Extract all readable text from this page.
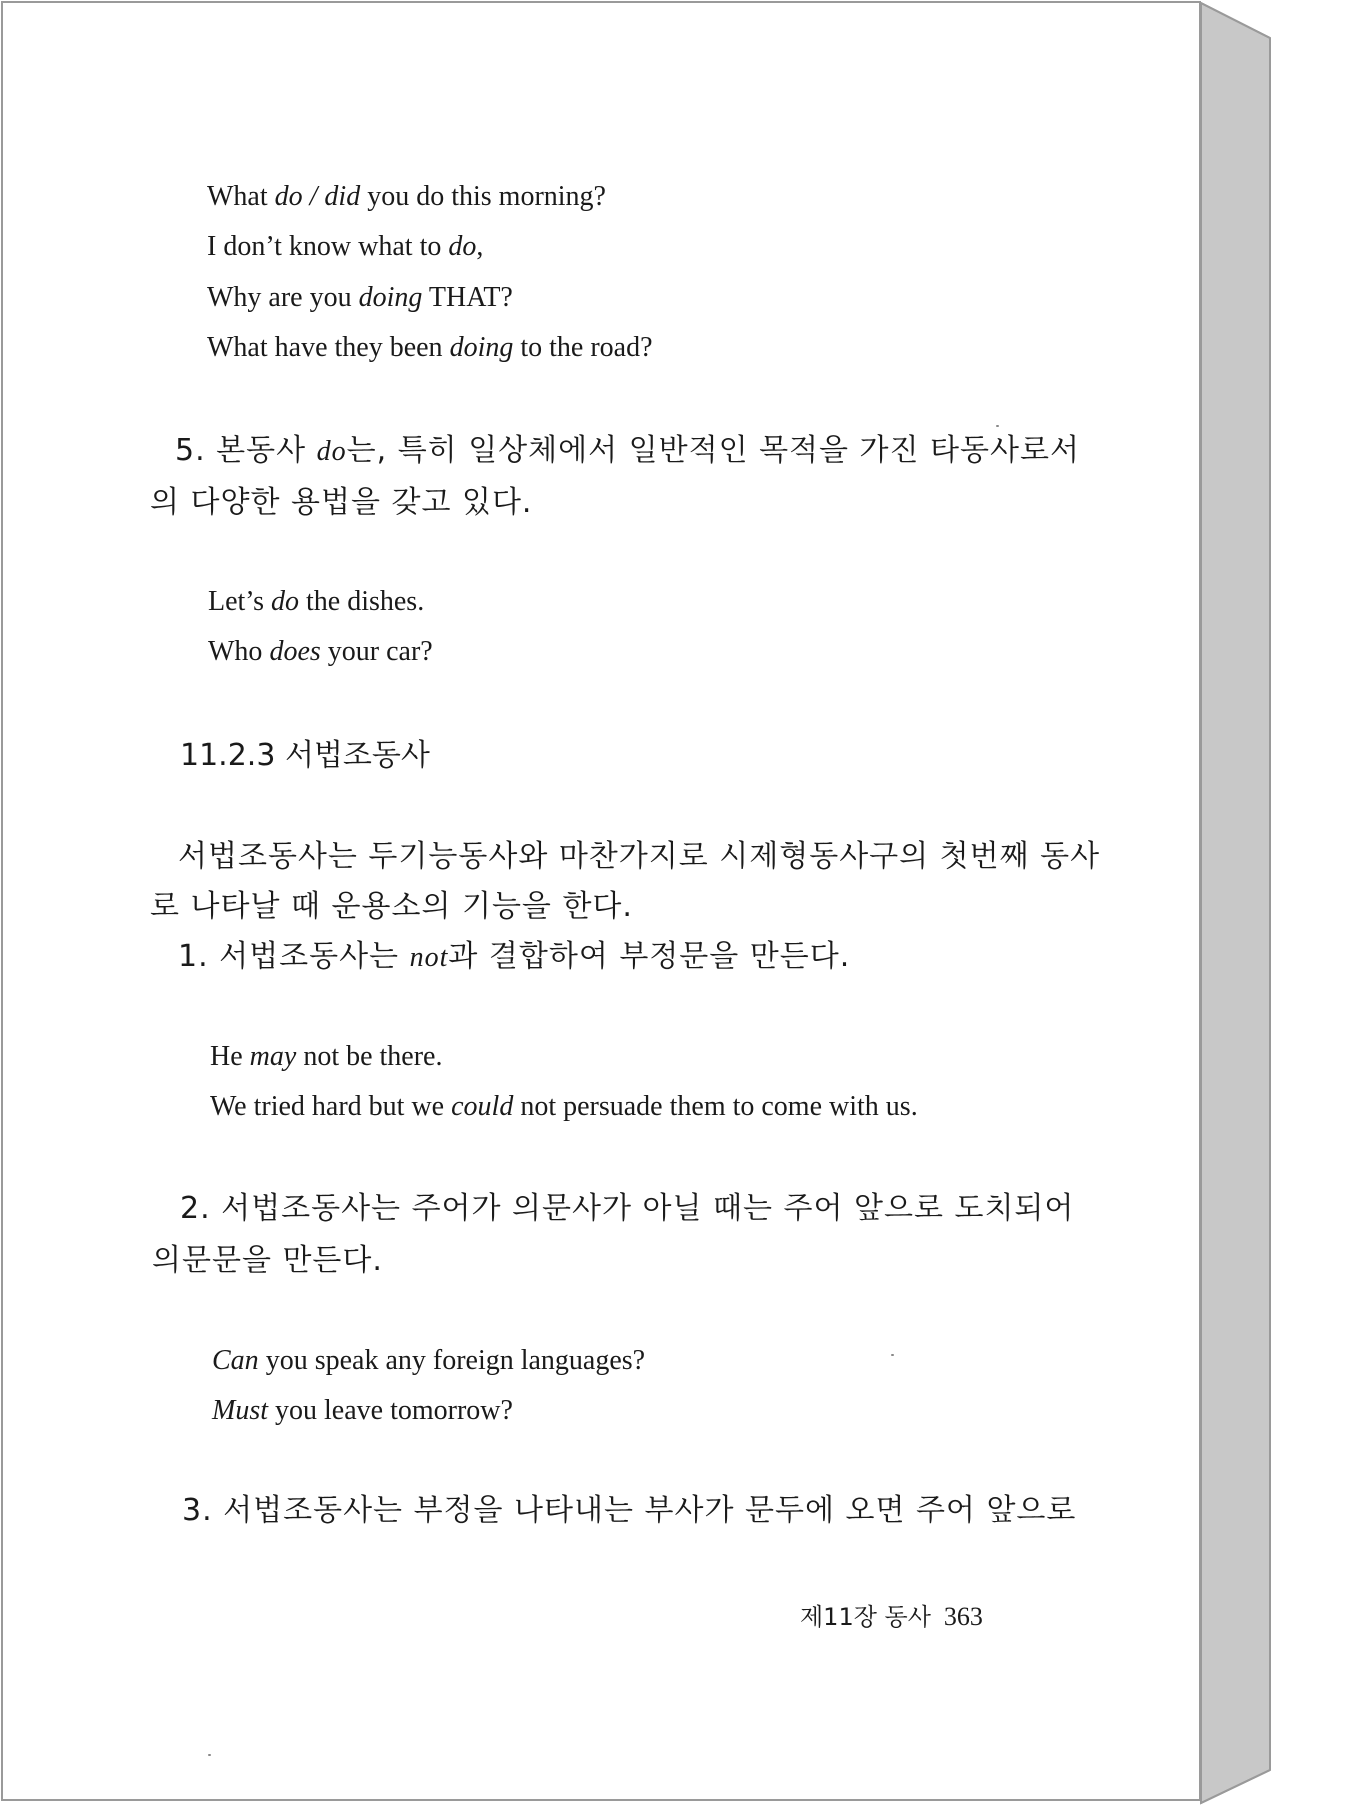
What do / did you do this morning?
I don’t know what to do,
Why are you doing THAT?
What have they been doing to the road?
5. 본동사 do는, 특히 일상체에서 일반적인 목적을 가진 타동사로서
의 다양한 용법을 갖고 있다.
Let’s do the dishes.
Who does your car?
11.2.3 서법조동사
서법조동사는 두기능동사와 마찬가지로 시제형동사구의 첫번째 동사
로 나타날 때 운용소의 기능을 한다.
1. 서법조동사는 not과 결합하여 부정문을 만든다.
He may not be there.
We tried hard but we could not persuade them to come with us.
2. 서법조동사는 주어가 의문사가 아닐 때는 주어 앞으로 도치되어
의문문을 만든다.
Can you speak any foreign languages?
Must you leave tomorrow?
3. 서법조동사는 부정을 나타내는 부사가 문두에 오면 주어 앞으로
제11장 동사 363
